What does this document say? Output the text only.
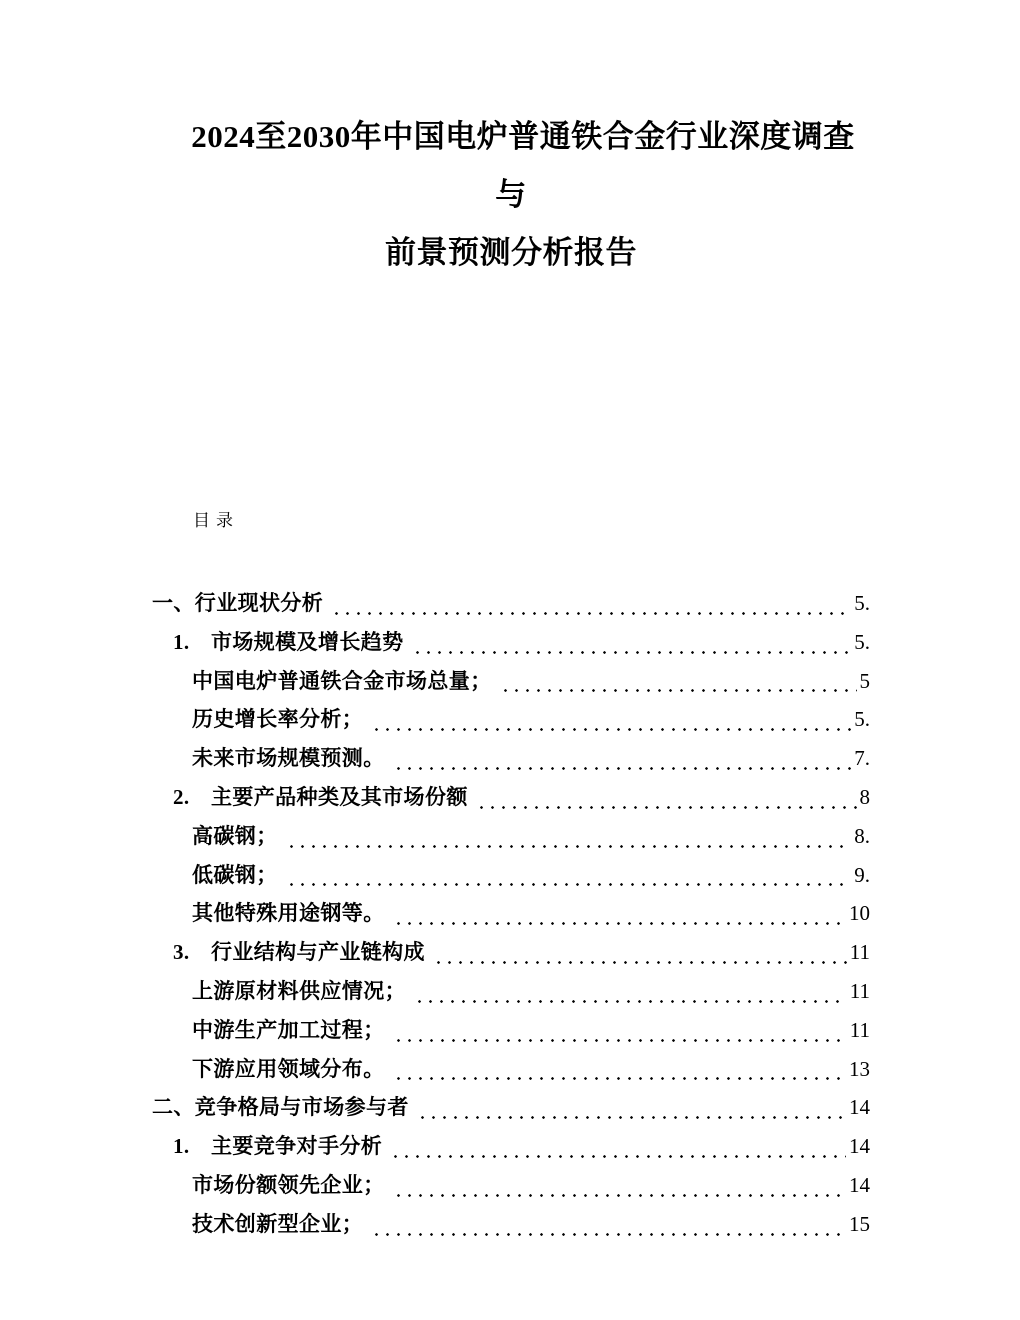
2024至2030年中国电炉普通铁合金行业深度调查与
前景预测分析报告
目录
一、行业现状分析	5.
1.　市场规模及增长趋势	5.
中国电炉普通铁合金市场总量；	5
历史增长率分析；	5.
未来市场规模预测。	7.
2.　主要产品种类及其市场份额	8
高碳钢；	8.
低碳钢；	9.
其他特殊用途钢等。	10
3.　行业结构与产业链构成	11
上游原材料供应情况；	11
中游生产加工过程；	11
下游应用领域分布。	13
二、竞争格局与市场参与者	14
1.　主要竞争对手分析	14
市场份额领先企业；	14
技术创新型企业；	15
